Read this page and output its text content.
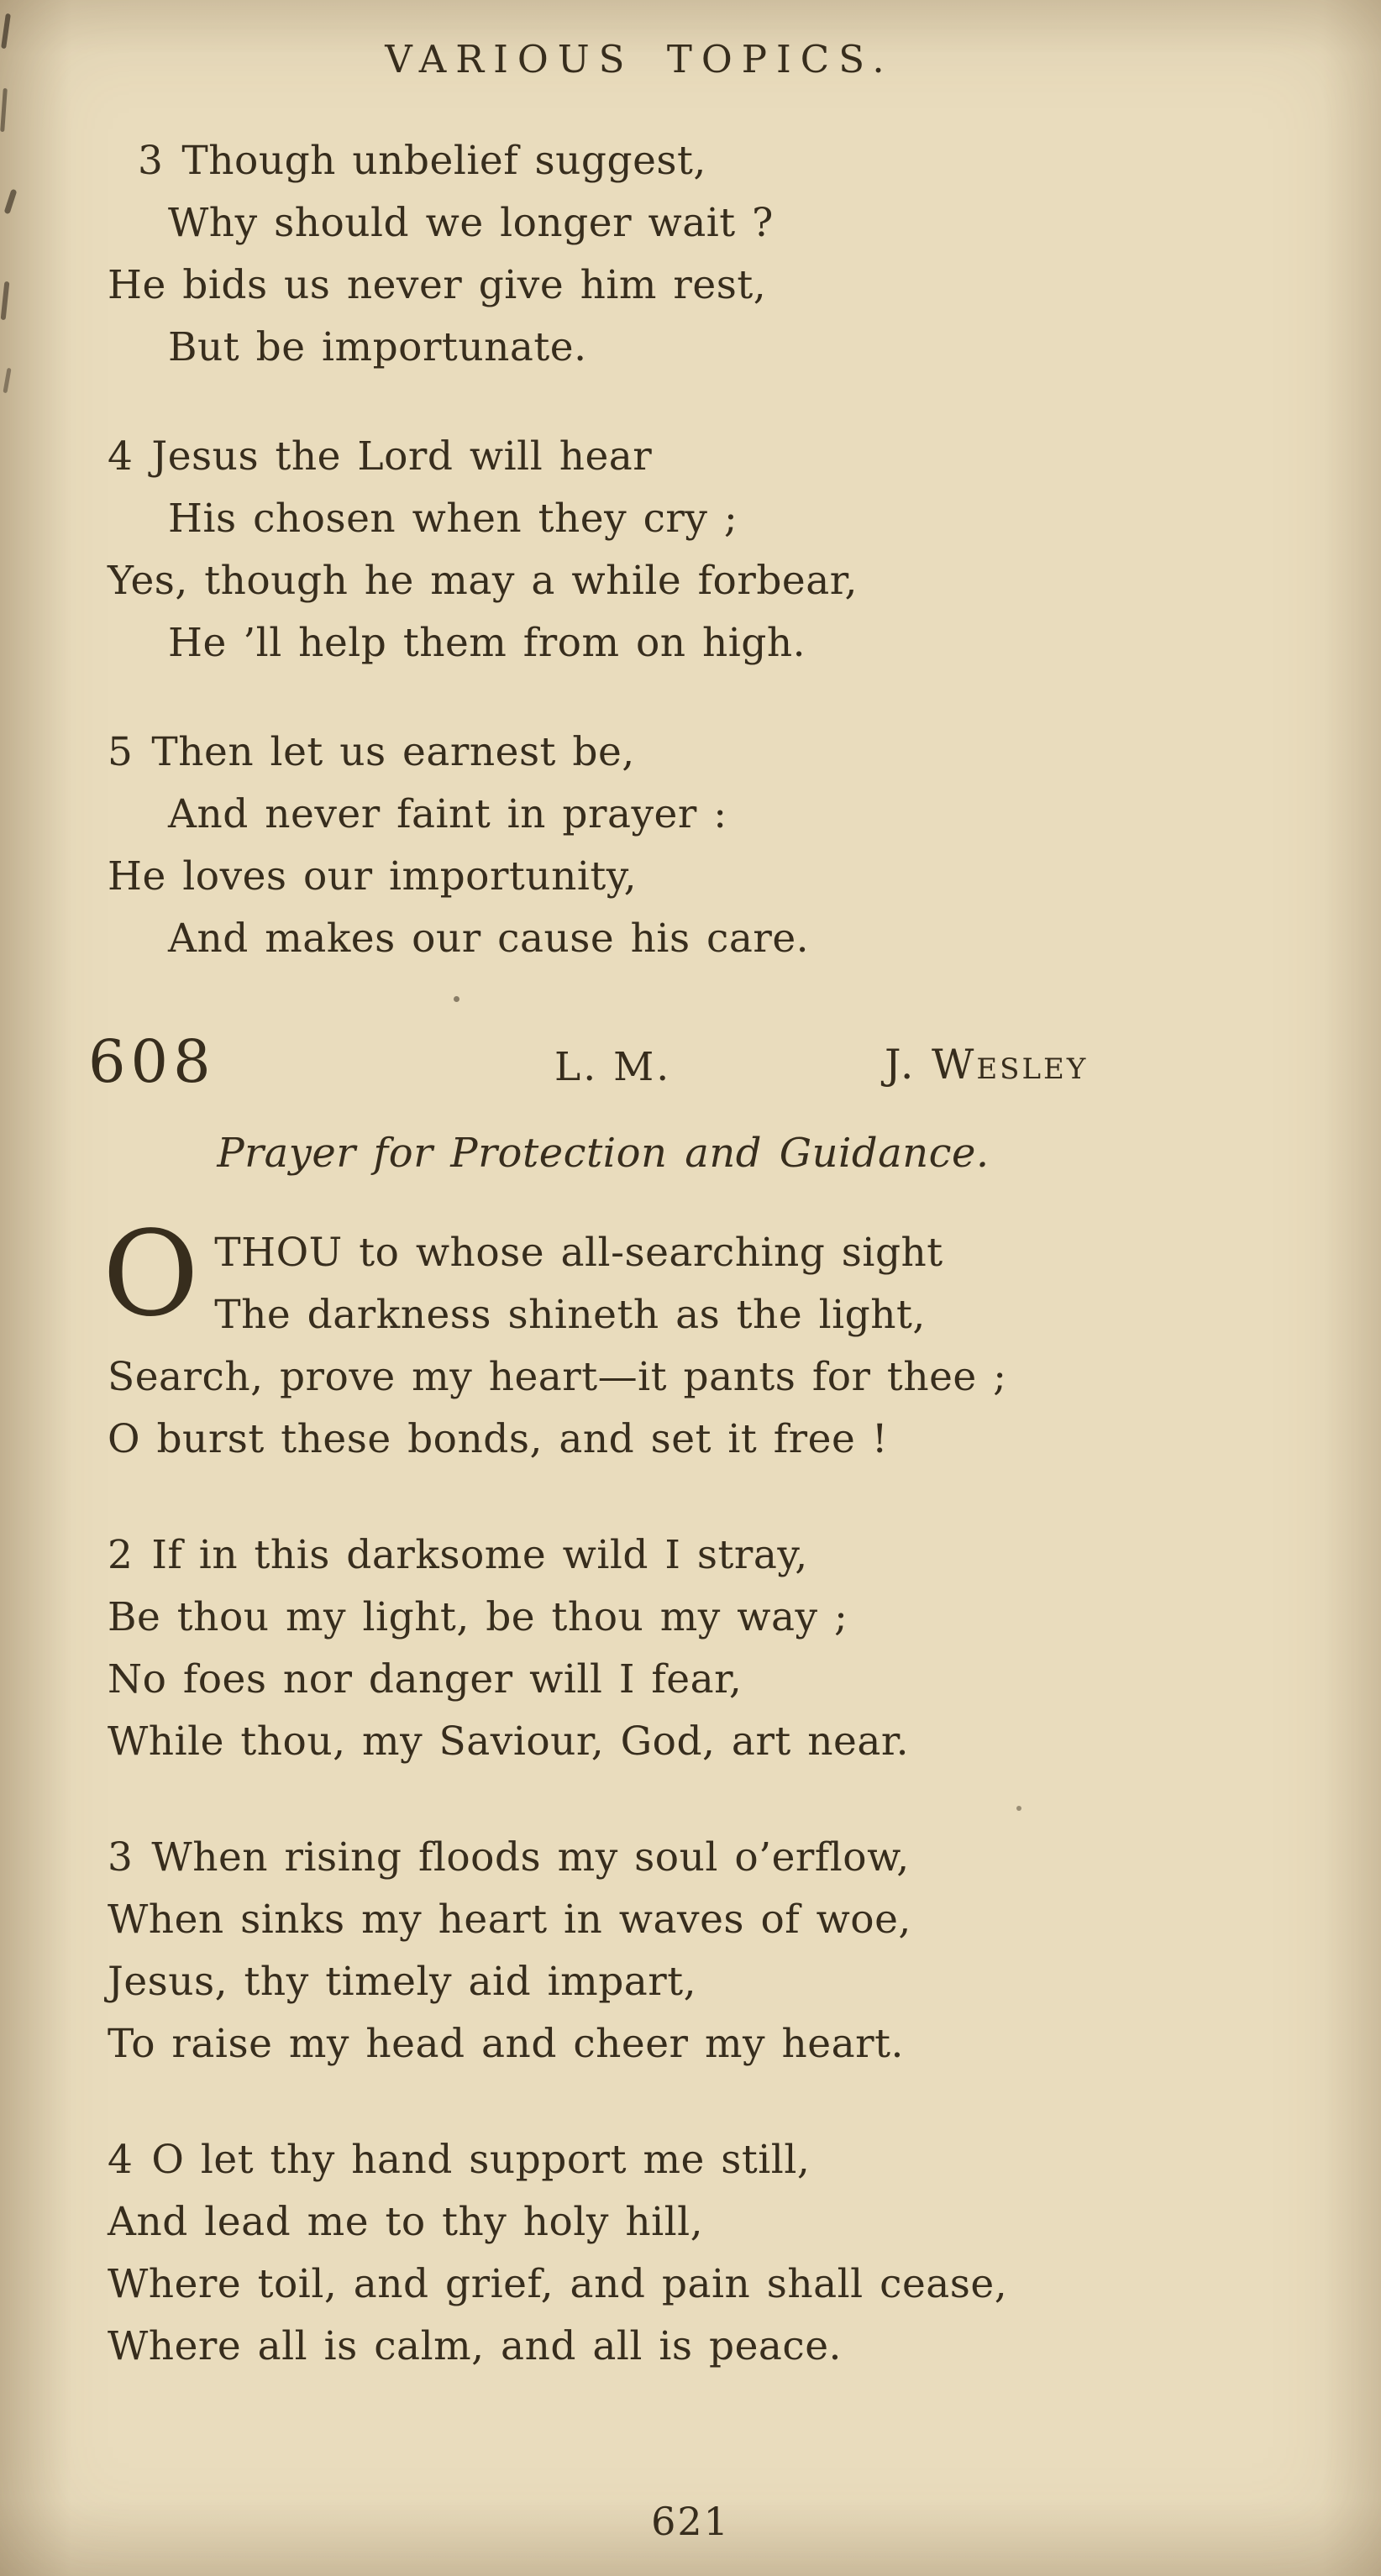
VARIOUS TOPICS.
3 Though unbelief suggest,
Why should we longer wait ?
He bids us never give him rest,
But be importunate.
4 Jesus the Lord will hear
His chosen when they cry ;
Yes, though he may a while forbear,
He ’ll help them from on high.
5 Then let us earnest be,
And never faint in prayer :
He loves our importunity,
And makes our cause his care.
608	L. M.	J. Wesley
Prayer for Protection and Guidance.
O THOU to whose all-searching sight
The darkness shineth as the light,
Search, prove my heart—it pants for thee ;
O burst these bonds, and set it free !
2 If in this darksome wild I stray,
Be thou my light, be thou my way ;
No foes nor danger will I fear,
While thou, my Saviour, God, art near.
3 When rising floods my soul o’erflow,
When sinks my heart in waves of woe,
Jesus, thy timely aid impart,
To raise my head and cheer my heart.
4 O let thy hand support me still,
And lead me to thy holy hill,
Where toil, and grief, and pain shall cease,
Where all is calm, and all is peace.
621
